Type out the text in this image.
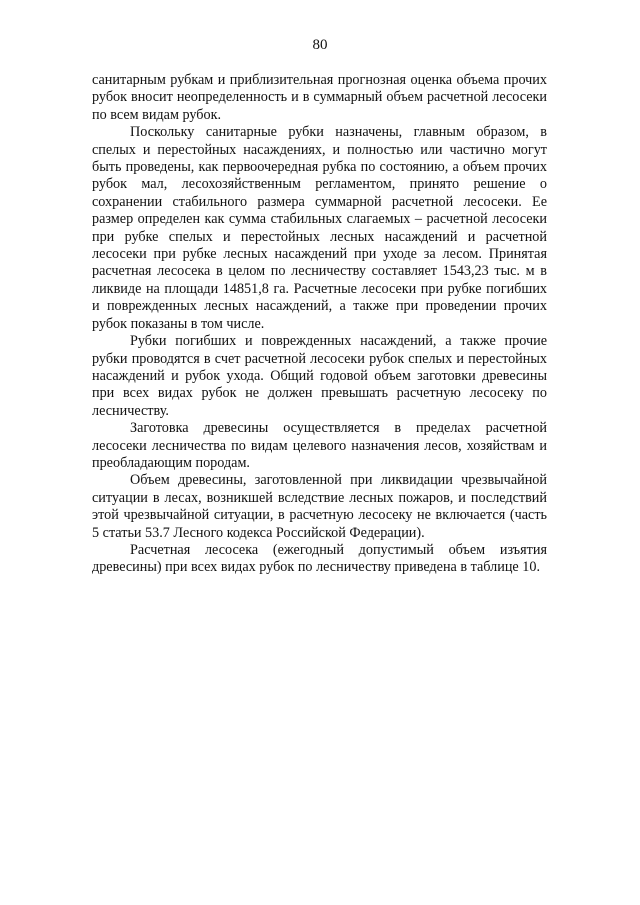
80

санитарным рубкам и приблизительная прогнозная оценка объема прочих рубок вносит неопределенность и в суммарный объем расчетной лесосеки по всем видам рубок.

Поскольку санитарные рубки назначены, главным образом, в спелых и перестойных насаждениях, и полностью или частично могут быть проведены, как первоочередная рубка по состоянию, а объем прочих рубок мал, лесохозяйственным регламентом, принято решение о сохранении стабильного размера суммарной расчетной лесосеки. Ее размер определен как сумма стабильных слагаемых – расчетной лесосеки при рубке спелых и перестойных лесных насаждений и расчетной лесосеки при рубке лесных насаждений при уходе за лесом. Принятая расчетная лесосека в целом по лесничеству составляет 1543,23 тыс. м в ликвиде на площади 14851,8 га. Расчетные лесосеки при рубке погибших и поврежденных лесных насаждений, а также при проведении прочих рубок показаны в том числе.

Рубки погибших и поврежденных насаждений, а также прочие рубки проводятся в счет расчетной лесосеки рубок спелых и перестойных насаждений и рубок ухода. Общий годовой объем заготовки древесины при всех видах рубок не должен превышать расчетную лесосеку по лесничеству.

Заготовка древесины осуществляется в пределах расчетной лесосеки лесничества по видам целевого назначения лесов, хозяйствам и преобладающим породам.

Объем древесины, заготовленной при ликвидации чрезвычайной ситуации в лесах, возникшей вследствие лесных пожаров, и последствий этой чрезвычайной ситуации, в расчетную лесосеку не включается (часть 5 статьи 53.7 Лесного кодекса Российской Федерации).

Расчетная лесосека (ежегодный допустимый объем изъятия древесины) при всех видах рубок по лесничеству приведена в таблице 10.
